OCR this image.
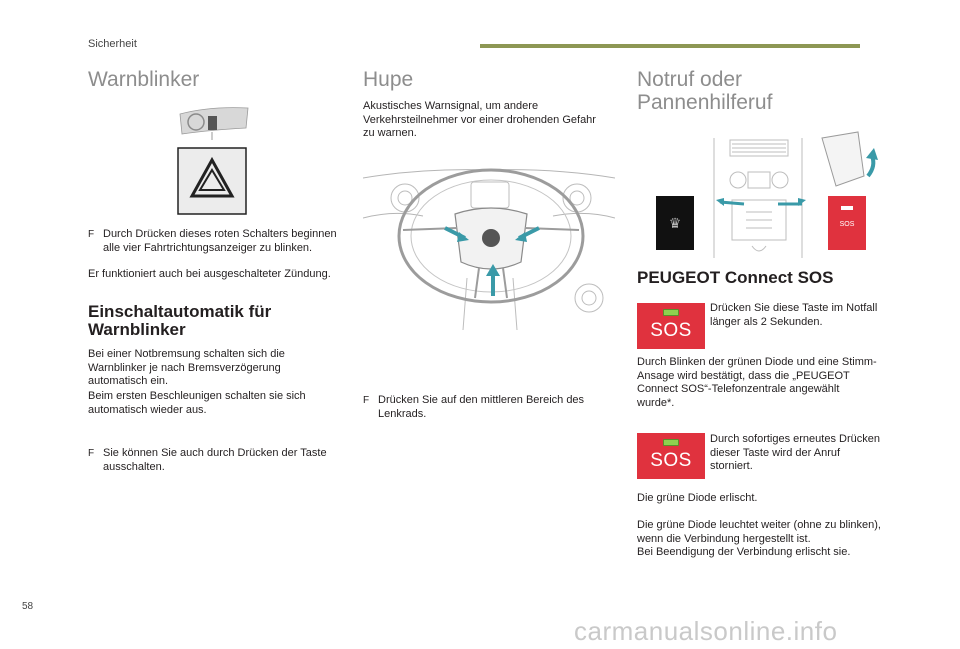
Sicherheit
Warnblinker
F Durch Drücken dieses roten Schalters beginnen alle vier Fahrtrichtungsanzeiger zu blinken.
Er funktioniert auch bei ausgeschalteter Zündung.
Einschaltautomatik für
Warnblinker
Bei einer Notbremsung schalten sich die Warnblinker je nach Bremsverzögerung automatisch ein.
Beim ersten Beschleunigen schalten sie sich automatisch wieder aus.
F Sie können Sie auch durch Drücken der Taste ausschalten.
Hupe
Akustisches Warnsignal, um andere Verkehrsteilnehmer vor einer drohenden Gefahr zu warnen.
F Drücken Sie auf den mittleren Bereich des Lenkrads.
Notruf oder
Pannenhilferuf
♛	SOS
PEUGEOT Connect SOS
SOS
Drücken Sie diese Taste im Notfall länger als 2 Sekunden.
Durch Blinken der grünen Diode und eine Stimm-Ansage wird bestätigt, dass die „PEUGEOT Connect SOS“-Telefonzentrale angewählt wurde*.
SOS
Durch sofortiges erneutes Drücken dieser Taste wird der Anruf storniert.
Die grüne Diode erlischt.
Die grüne Diode leuchtet weiter (ohne zu blinken), wenn die Verbindung hergestellt ist.
Bei Beendigung der Verbindung erlischt sie.
58
carmanualsonline.info
